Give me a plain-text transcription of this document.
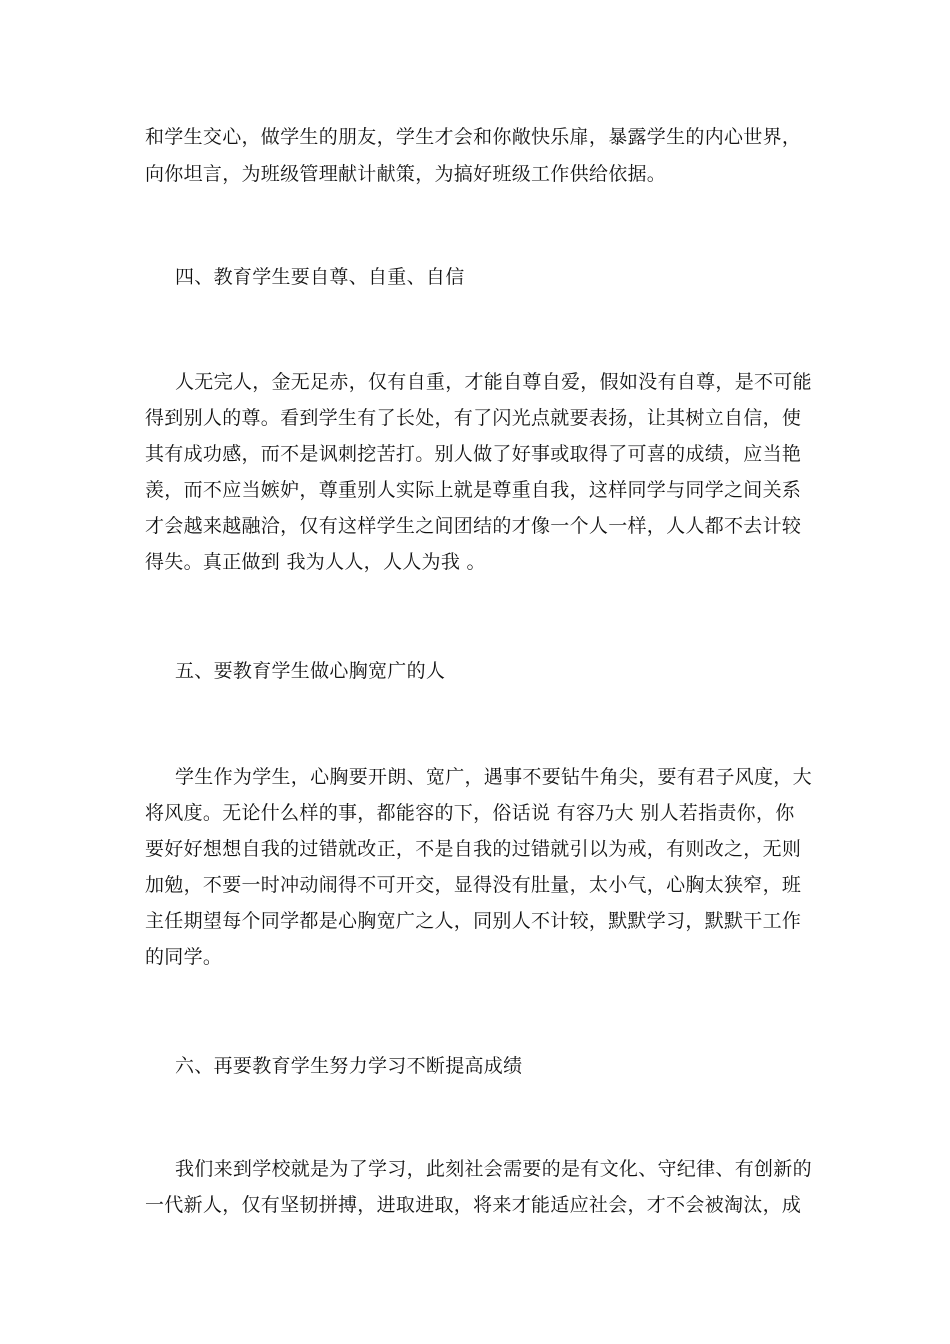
和学生交心，做学生的朋友，学生才会和你敞快乐扉，暴露学生的内心世界，
向你坦言，为班级管理献计献策，为搞好班级工作供给依据。
四、教育学生要自尊、自重、自信
人无完人，金无足赤，仅有自重，才能自尊自爱，假如没有自尊，是不可能
得到别人的尊。看到学生有了长处，有了闪光点就要表扬，让其树立自信，使
其有成功感，而不是讽刺挖苦打。别人做了好事或取得了可喜的成绩，应当艳
羡，而不应当嫉妒，尊重别人实际上就是尊重自我，这样同学与同学之间关系
才会越来越融洽，仅有这样学生之间团结的才像一个人一样，人人都不去计较
得失。真正做到 我为人人，人人为我 。
五、要教育学生做心胸宽广的人
学生作为学生，心胸要开朗、宽广，遇事不要钻牛角尖，要有君子风度，大
将风度。无论什么样的事，都能容的下，俗话说 有容乃大 别人若指责你，你
要好好想想自我的过错就改正，不是自我的过错就引以为戒，有则改之，无则
加勉，不要一时冲动闹得不可开交，显得没有肚量，太小气，心胸太狭窄，班
主任期望每个同学都是心胸宽广之人，同别人不计较，默默学习，默默干工作
的同学。
六、再要教育学生努力学习不断提高成绩
我们来到学校就是为了学习，此刻社会需要的是有文化、守纪律、有创新的
一代新人，仅有坚韧拼搏，进取进取，将来才能适应社会，才不会被淘汰，成
